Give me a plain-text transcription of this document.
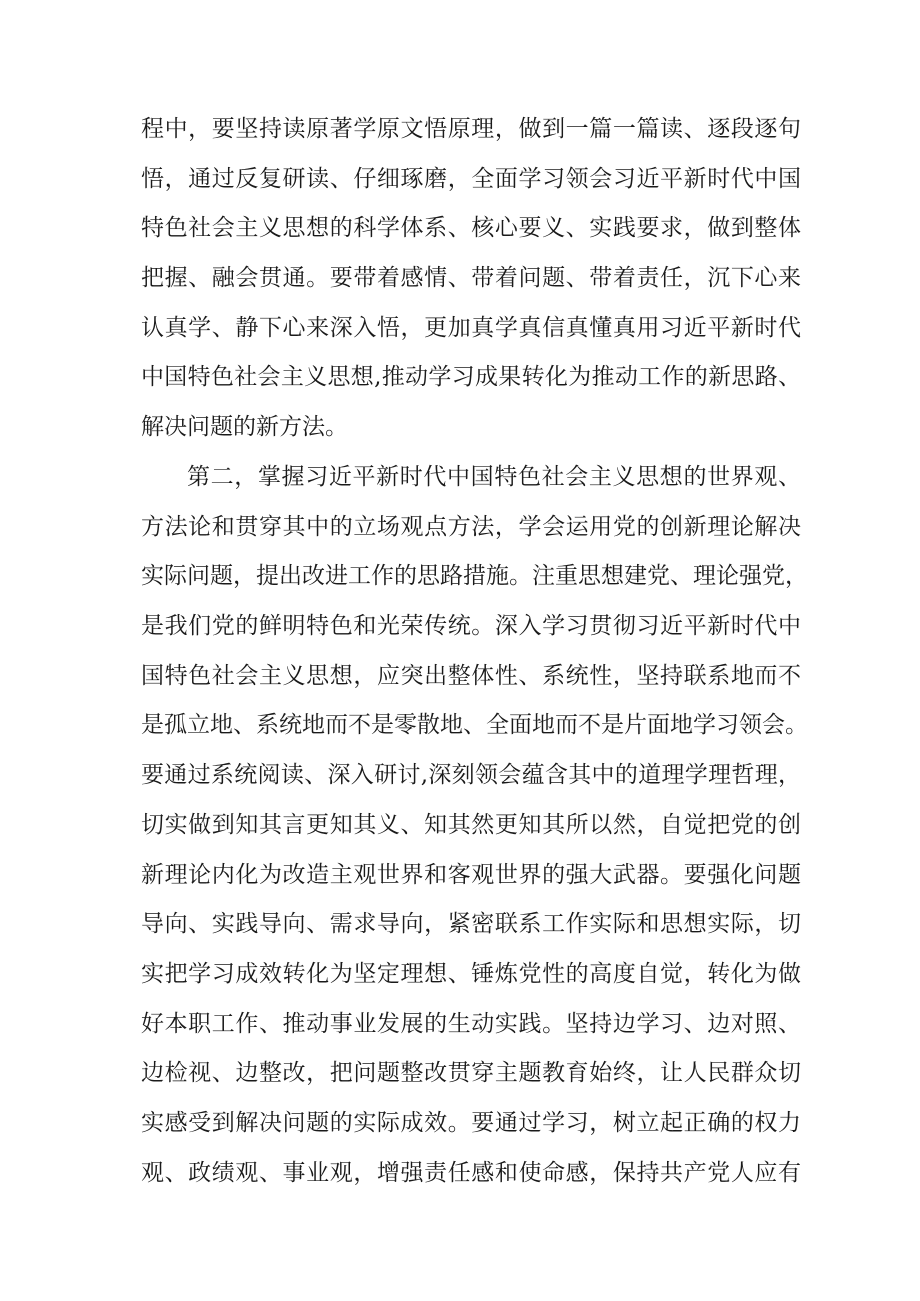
程中，要坚持读原著学原文悟原理，做到一篇一篇读、逐段逐句
悟，通过反复研读、仔细琢磨，全面学习领会习近平新时代中国
特色社会主义思想的科学体系、核心要义、实践要求，做到整体
把握、融会贯通。要带着感情、带着问题、带着责任，沉下心来
认真学、静下心来深入悟，更加真学真信真懂真用习近平新时代
中国特色社会主义思想,推动学习成果转化为推动工作的新思路、
解决问题的新方法。
第二，掌握习近平新时代中国特色社会主义思想的世界观、
方法论和贯穿其中的立场观点方法，学会运用党的创新理论解决
实际问题，提出改进工作的思路措施。注重思想建党、理论强党，
是我们党的鲜明特色和光荣传统。深入学习贯彻习近平新时代中
国特色社会主义思想，应突出整体性、系统性，坚持联系地而不
是孤立地、系统地而不是零散地、全面地而不是片面地学习领会。
要通过系统阅读、深入研讨,深刻领会蕴含其中的道理学理哲理，
切实做到知其言更知其义、知其然更知其所以然，自觉把党的创
新理论内化为改造主观世界和客观世界的强大武器。要强化问题
导向、实践导向、需求导向，紧密联系工作实际和思想实际，切
实把学习成效转化为坚定理想、锤炼党性的高度自觉，转化为做
好本职工作、推动事业发展的生动实践。坚持边学习、边对照、
边检视、边整改，把问题整改贯穿主题教育始终，让人民群众切
实感受到解决问题的实际成效。要通过学习，树立起正确的权力
观、政绩观、事业观，增强责任感和使命感，保持共产党人应有
